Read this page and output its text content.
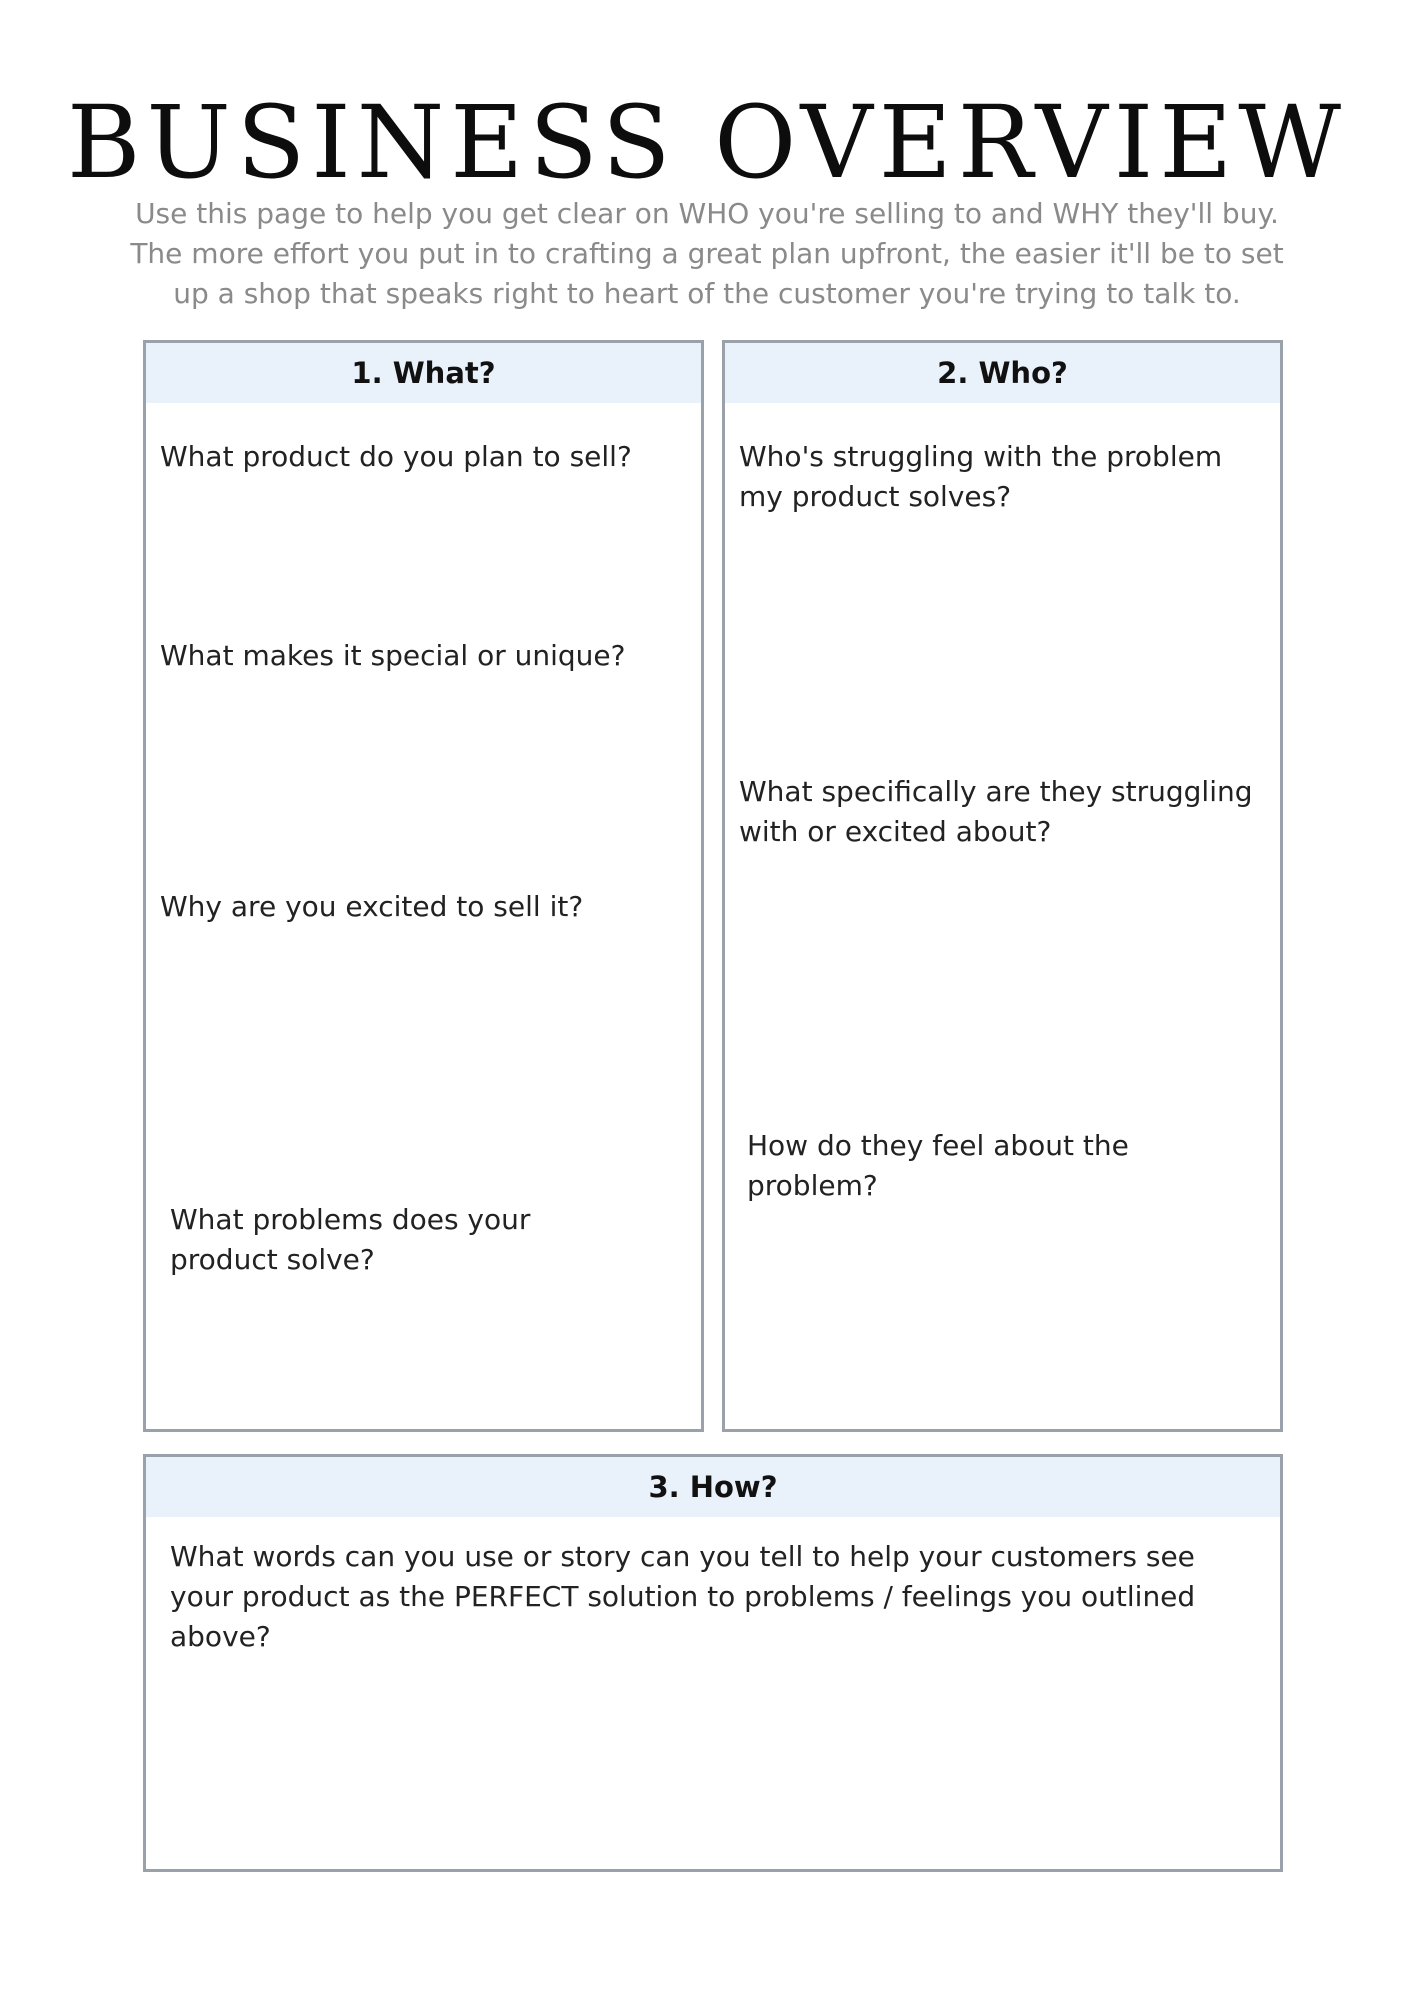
BUSINESS OVERVIEW
Use this page to help you get clear on WHO you're selling to and WHY they'll buy. The more effort you put in to crafting a great plan upfront, the easier it'll be to set up a shop that speaks right to heart of the customer you're trying to talk to.
1. What?
What product do you plan to sell?
What makes it special or unique?
Why are you excited to sell it?
What problems does your product solve?
2. Who?
Who's struggling with the problem my product solves?
What specifically are they struggling with or excited about?
How do they feel about the problem?
3. How?
What words can you use or story can you tell to help your customers see your product as the PERFECT solution to problems / feelings you outlined above?
